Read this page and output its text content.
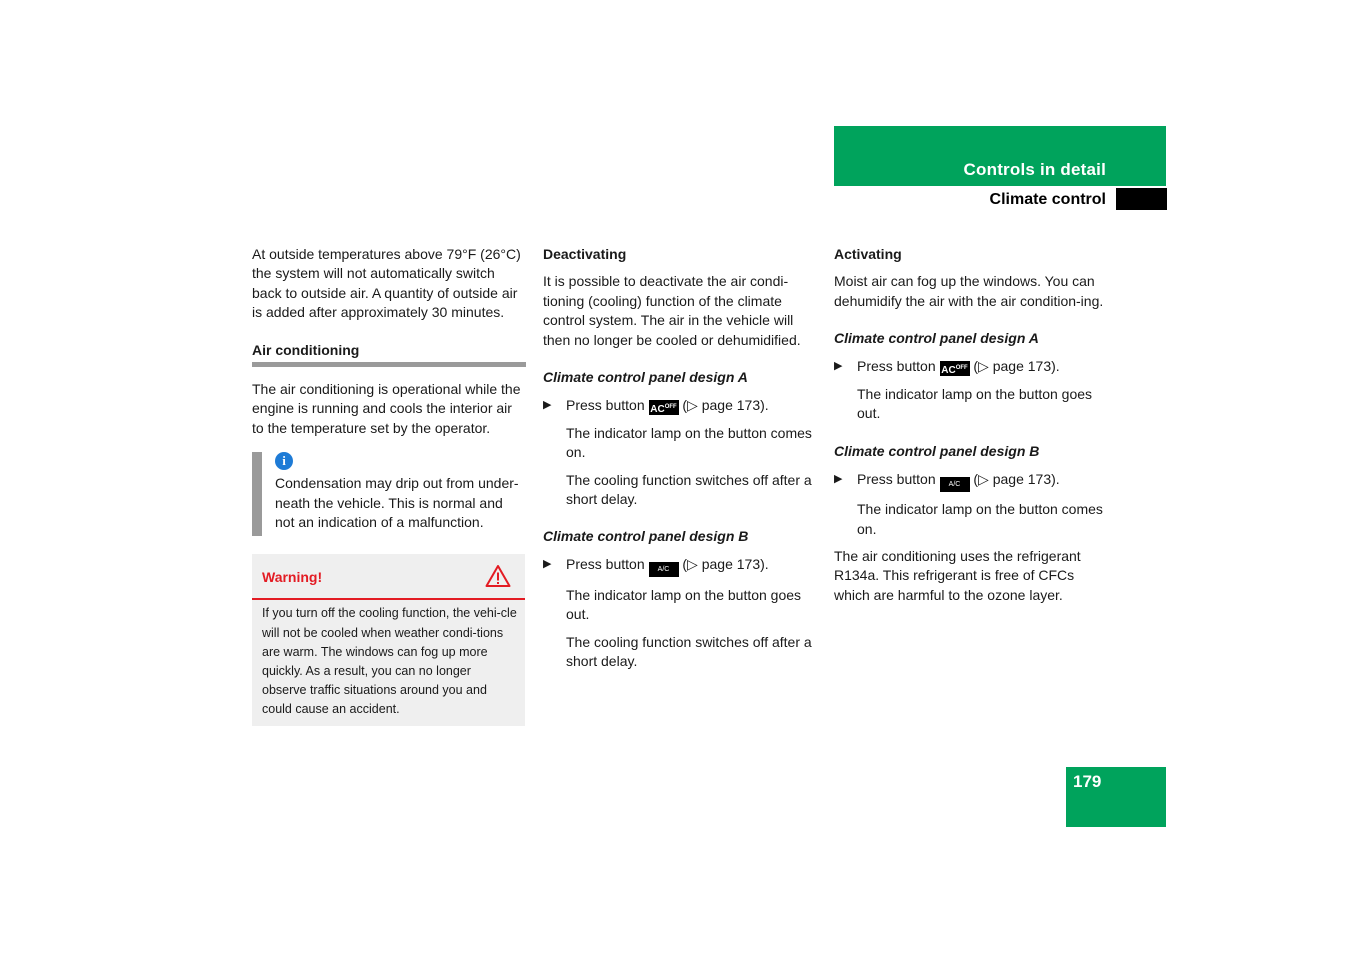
Controls in detail
Climate control

At outside temperatures above 79°F (26°C) the system will not automatically switch back to outside air. A quantity of outside air is added after approximately 30 minutes.

Air conditioning

The air conditioning is operational while the engine is running and cools the interior air to the temperature set by the operator.

i

Condensation may drip out from under-neath the vehicle. This is normal and not an indication of a malfunction.

Warning!
If you turn off the cooling function, the vehi-cle will not be cooled when weather condi-tions are warm. The windows can fog up more quickly. As a result, you can no longer observe traffic situations around you and could cause an accident.

Deactivating

It is possible to deactivate the air condi-tioning (cooling) function of the climate control system. The air in the vehicle will then no longer be cooled or dehumidified.

Climate control panel design A

▶ Press button $AC^{OFF}$ (▷ page 173).

The indicator lamp on the button comes on.

The cooling function switches off after a short delay.

Climate control panel design B

▶ Press button A/C (▷ page 173).

The indicator lamp on the button goes out.

The cooling function switches off after a short delay.

Activating

Moist air can fog up the windows. You can dehumidify the air with the air condition-ing.

Climate control panel design A

▶ Press button $AC^{OFF}$ (▷ page 173).

The indicator lamp on the button goes out.

Climate control panel design B

▶ Press button A/C (▷ page 173).

The indicator lamp on the button comes on.

The air conditioning uses the refrigerant R134a. This refrigerant is free of CFCs which are harmful to the ozone layer.

179
